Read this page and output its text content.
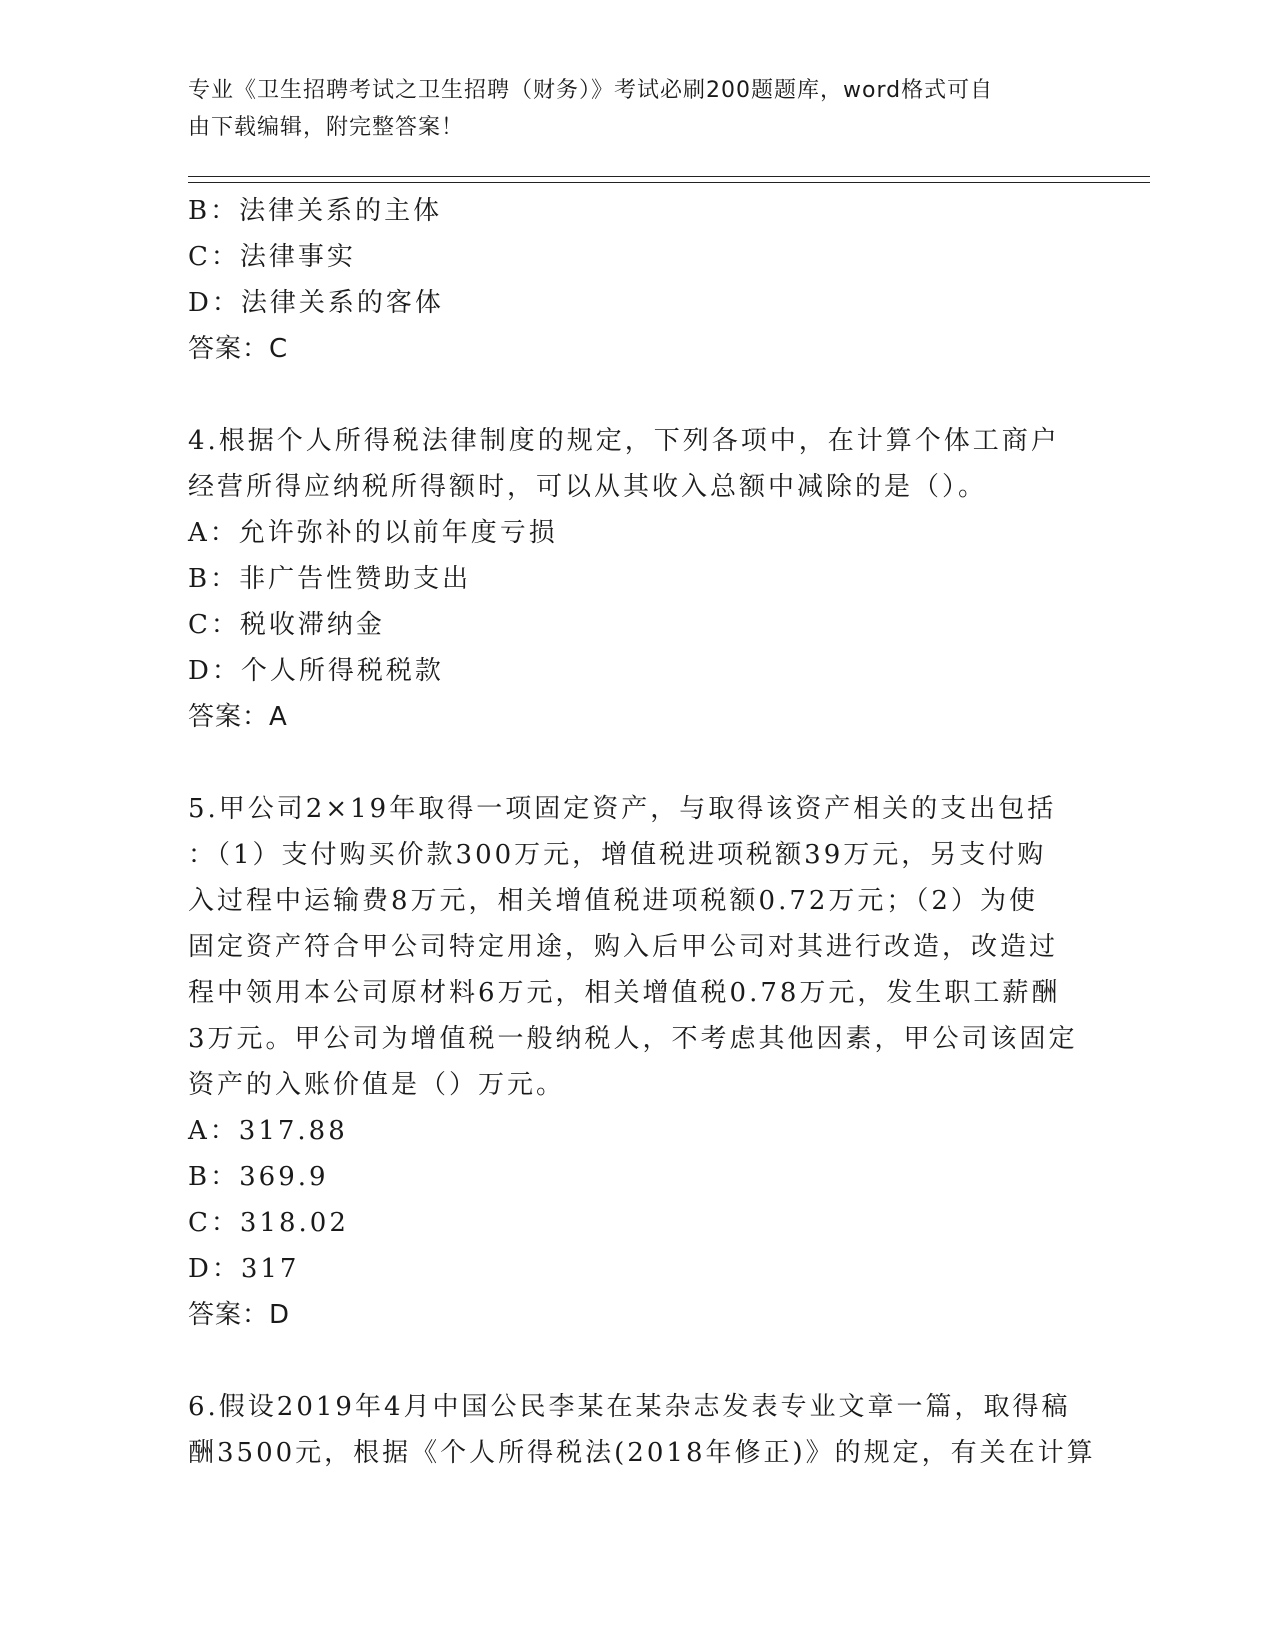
专业《卫生招聘考试之卫生招聘（财务）》考试必刷200题题库，word格式可自
由下载编辑，附完整答案！
B：法律关系的主体
C：法律事实
D：法律关系的客体
答案：C
4.根据个人所得税法律制度的规定，下列各项中，在计算个体工商户
经营所得应纳税所得额时，可以从其收入总额中减除的是（）。
A：允许弥补的以前年度亏损
B：非广告性赞助支出
C：税收滞纳金
D：个人所得税税款
答案：A
5.甲公司2×19年取得一项固定资产，与取得该资产相关的支出包括
：（1）支付购买价款300万元，增值税进项税额39万元，另支付购
入过程中运输费8万元，相关增值税进项税额0.72万元；（2）为使
固定资产符合甲公司特定用途，购入后甲公司对其进行改造，改造过
程中领用本公司原材料6万元，相关增值税0.78万元，发生职工薪酬
3万元。甲公司为增值税一般纳税人，不考虑其他因素，甲公司该固定
资产的入账价值是（）万元。
A：317.88
B：369.9
C：318.02
D：317
答案：D
6.假设2019年4月中国公民李某在某杂志发表专业文章一篇，取得稿
酬3500元，根据《个人所得税法(2018年修正)》的规定，有关在计算
